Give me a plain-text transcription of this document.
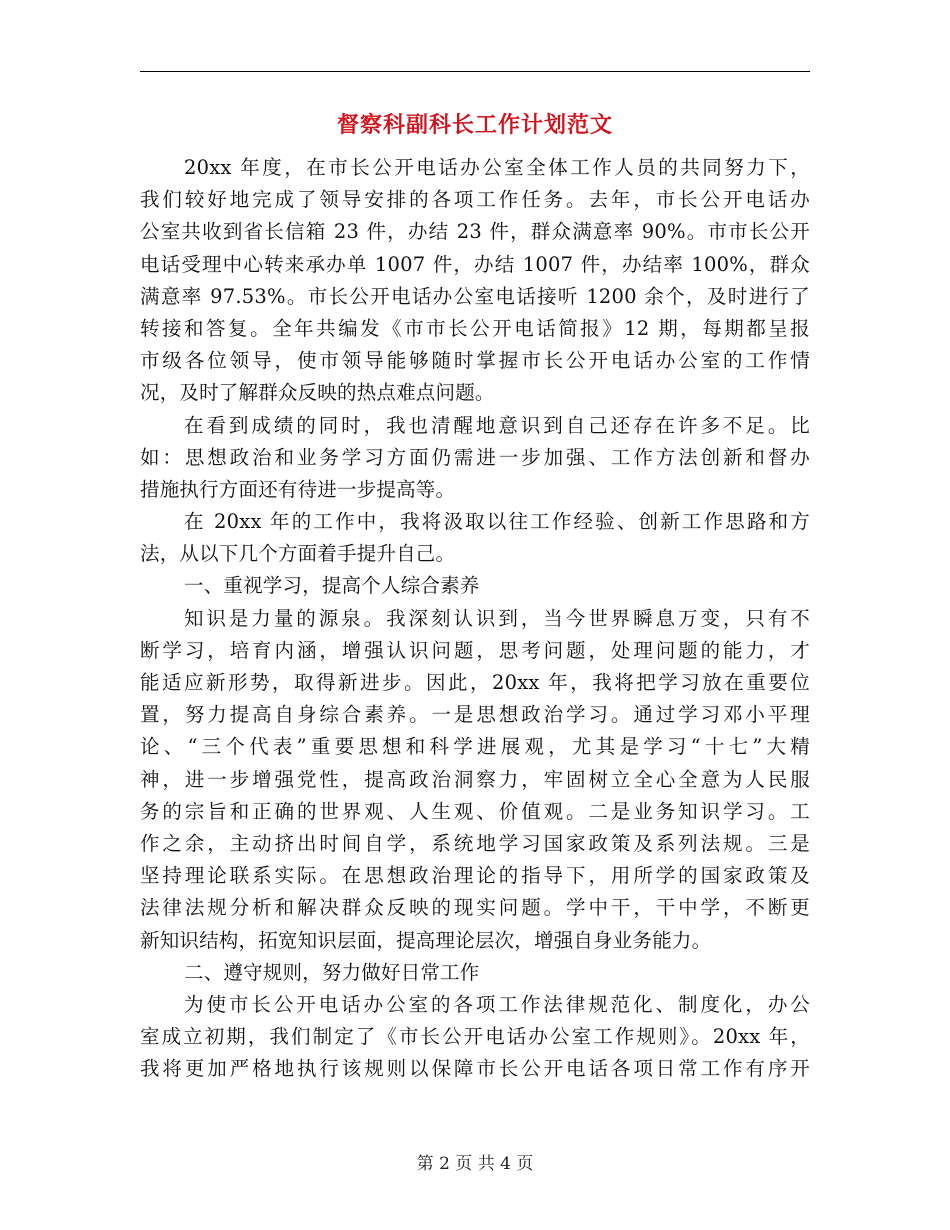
督察科副科长工作计划范文
20xx 年度，在市长公开电话办公室全体工作人员的共同努力下，
我们较好地完成了领导安排的各项工作任务。去年，市长公开电话办
公室共收到省长信箱 23 件，办结 23 件，群众满意率 90%。市市长公开
电话受理中心转来承办单 1007 件，办结 1007 件，办结率 100%，群众
满意率 97.53%。市长公开电话办公室电话接听 1200 余个，及时进行了
转接和答复。全年共编发《市市长公开电话简报》12 期，每期都呈报
市级各位领导，使市领导能够随时掌握市长公开电话办公室的工作情
况，及时了解群众反映的热点难点问题。
在看到成绩的同时，我也清醒地意识到自己还存在许多不足。比
如：思想政治和业务学习方面仍需进一步加强、工作方法创新和督办
措施执行方面还有待进一步提高等。
在 20xx 年的工作中，我将汲取以往工作经验、创新工作思路和方
法，从以下几个方面着手提升自己。
一、重视学习，提高个人综合素养
知识是力量的源泉。我深刻认识到，当今世界瞬息万变，只有不
断学习，培育内涵，增强认识问题，思考问题，处理问题的能力，才
能适应新形势，取得新进步。因此，20xx 年，我将把学习放在重要位
置，努力提高自身综合素养。一是思想政治学习。通过学习邓小平理
论、“三个代表”重要思想和科学进展观，尤其是学习“十七”大精
神，进一步增强党性，提高政治洞察力，牢固树立全心全意为人民服
务的宗旨和正确的世界观、人生观、价值观。二是业务知识学习。工
作之余，主动挤出时间自学，系统地学习国家政策及系列法规。三是
坚持理论联系实际。在思想政治理论的指导下，用所学的国家政策及
法律法规分析和解决群众反映的现实问题。学中干，干中学，不断更
新知识结构，拓宽知识层面，提高理论层次，增强自身业务能力。
二、遵守规则，努力做好日常工作
为使市长公开电话办公室的各项工作法律规范化、制度化，办公
室成立初期，我们制定了《市长公开电话办公室工作规则》。20xx 年，
我将更加严格地执行该规则以保障市长公开电话各项日常工作有序开
第 2 页 共 4 页
